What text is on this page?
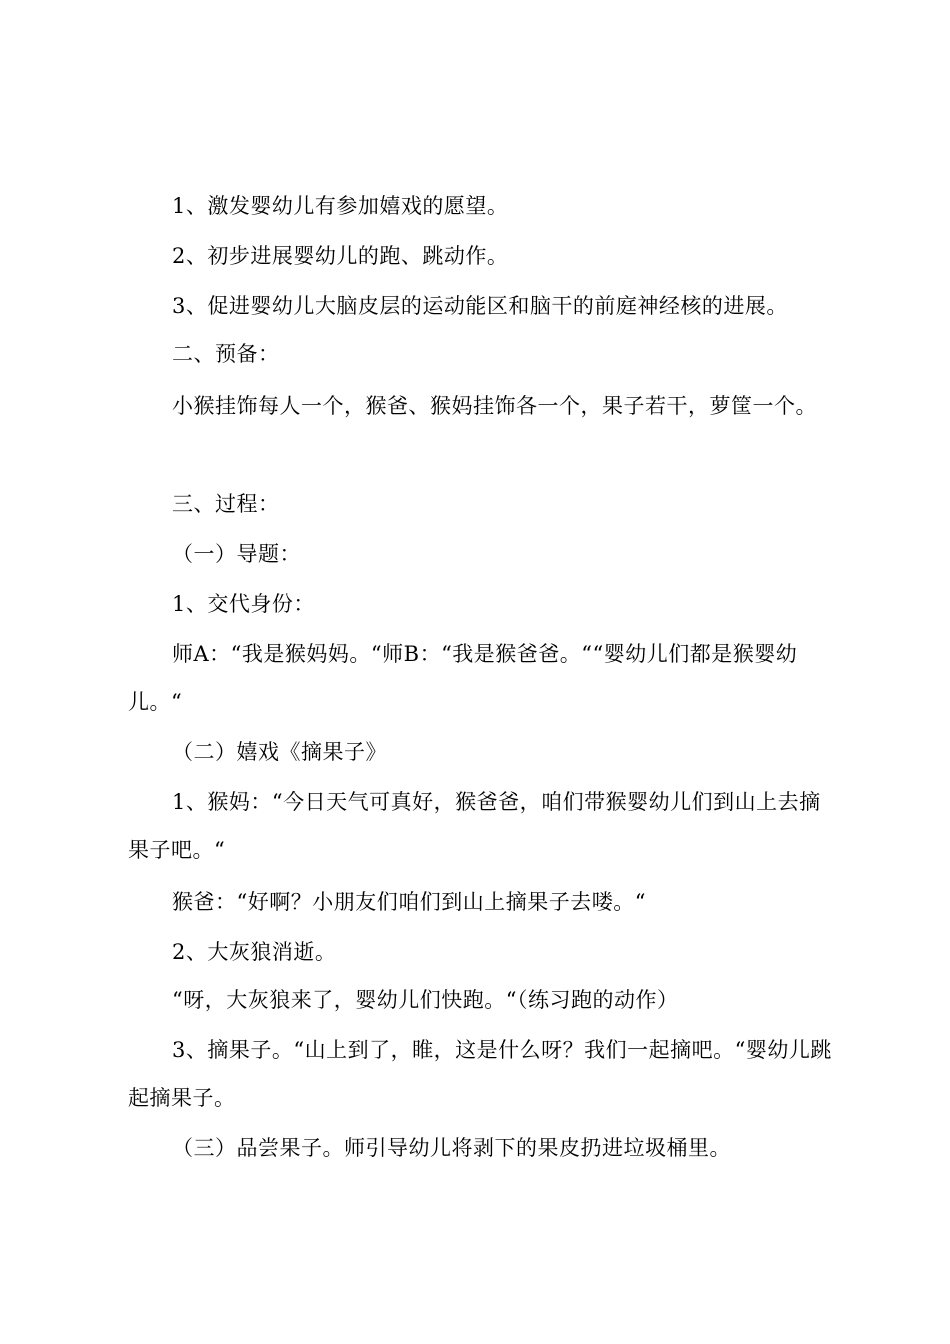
1、激发婴幼儿有参加嬉戏的愿望。

2、初步进展婴幼儿的跑、跳动作。

3、促进婴幼儿大脑皮层的运动能区和脑干的前庭神经核的进展。

二、预备：

小猴挂饰每人一个，猴爸、猴妈挂饰各一个，果子若干，萝筐一个。

三、过程：

（一）导题：

1、交代身份：

师A：“我是猴妈妈。“师B：“我是猴爸爸。““婴幼儿们都是猴婴幼儿。“

（二）嬉戏《摘果子》

1、猴妈：“今日天气可真好，猴爸爸，咱们带猴婴幼儿们到山上去摘果子吧。“

猴爸：“好啊？小朋友们咱们到山上摘果子去喽。“

2、大灰狼消逝。

“呀，大灰狼来了，婴幼儿们快跑。“（练习跑的动作）

3、摘果子。“山上到了，睢，这是什么呀？我们一起摘吧。“婴幼儿跳起摘果子。

（三）品尝果子。师引导幼儿将剥下的果皮扔进垃圾桶里。
